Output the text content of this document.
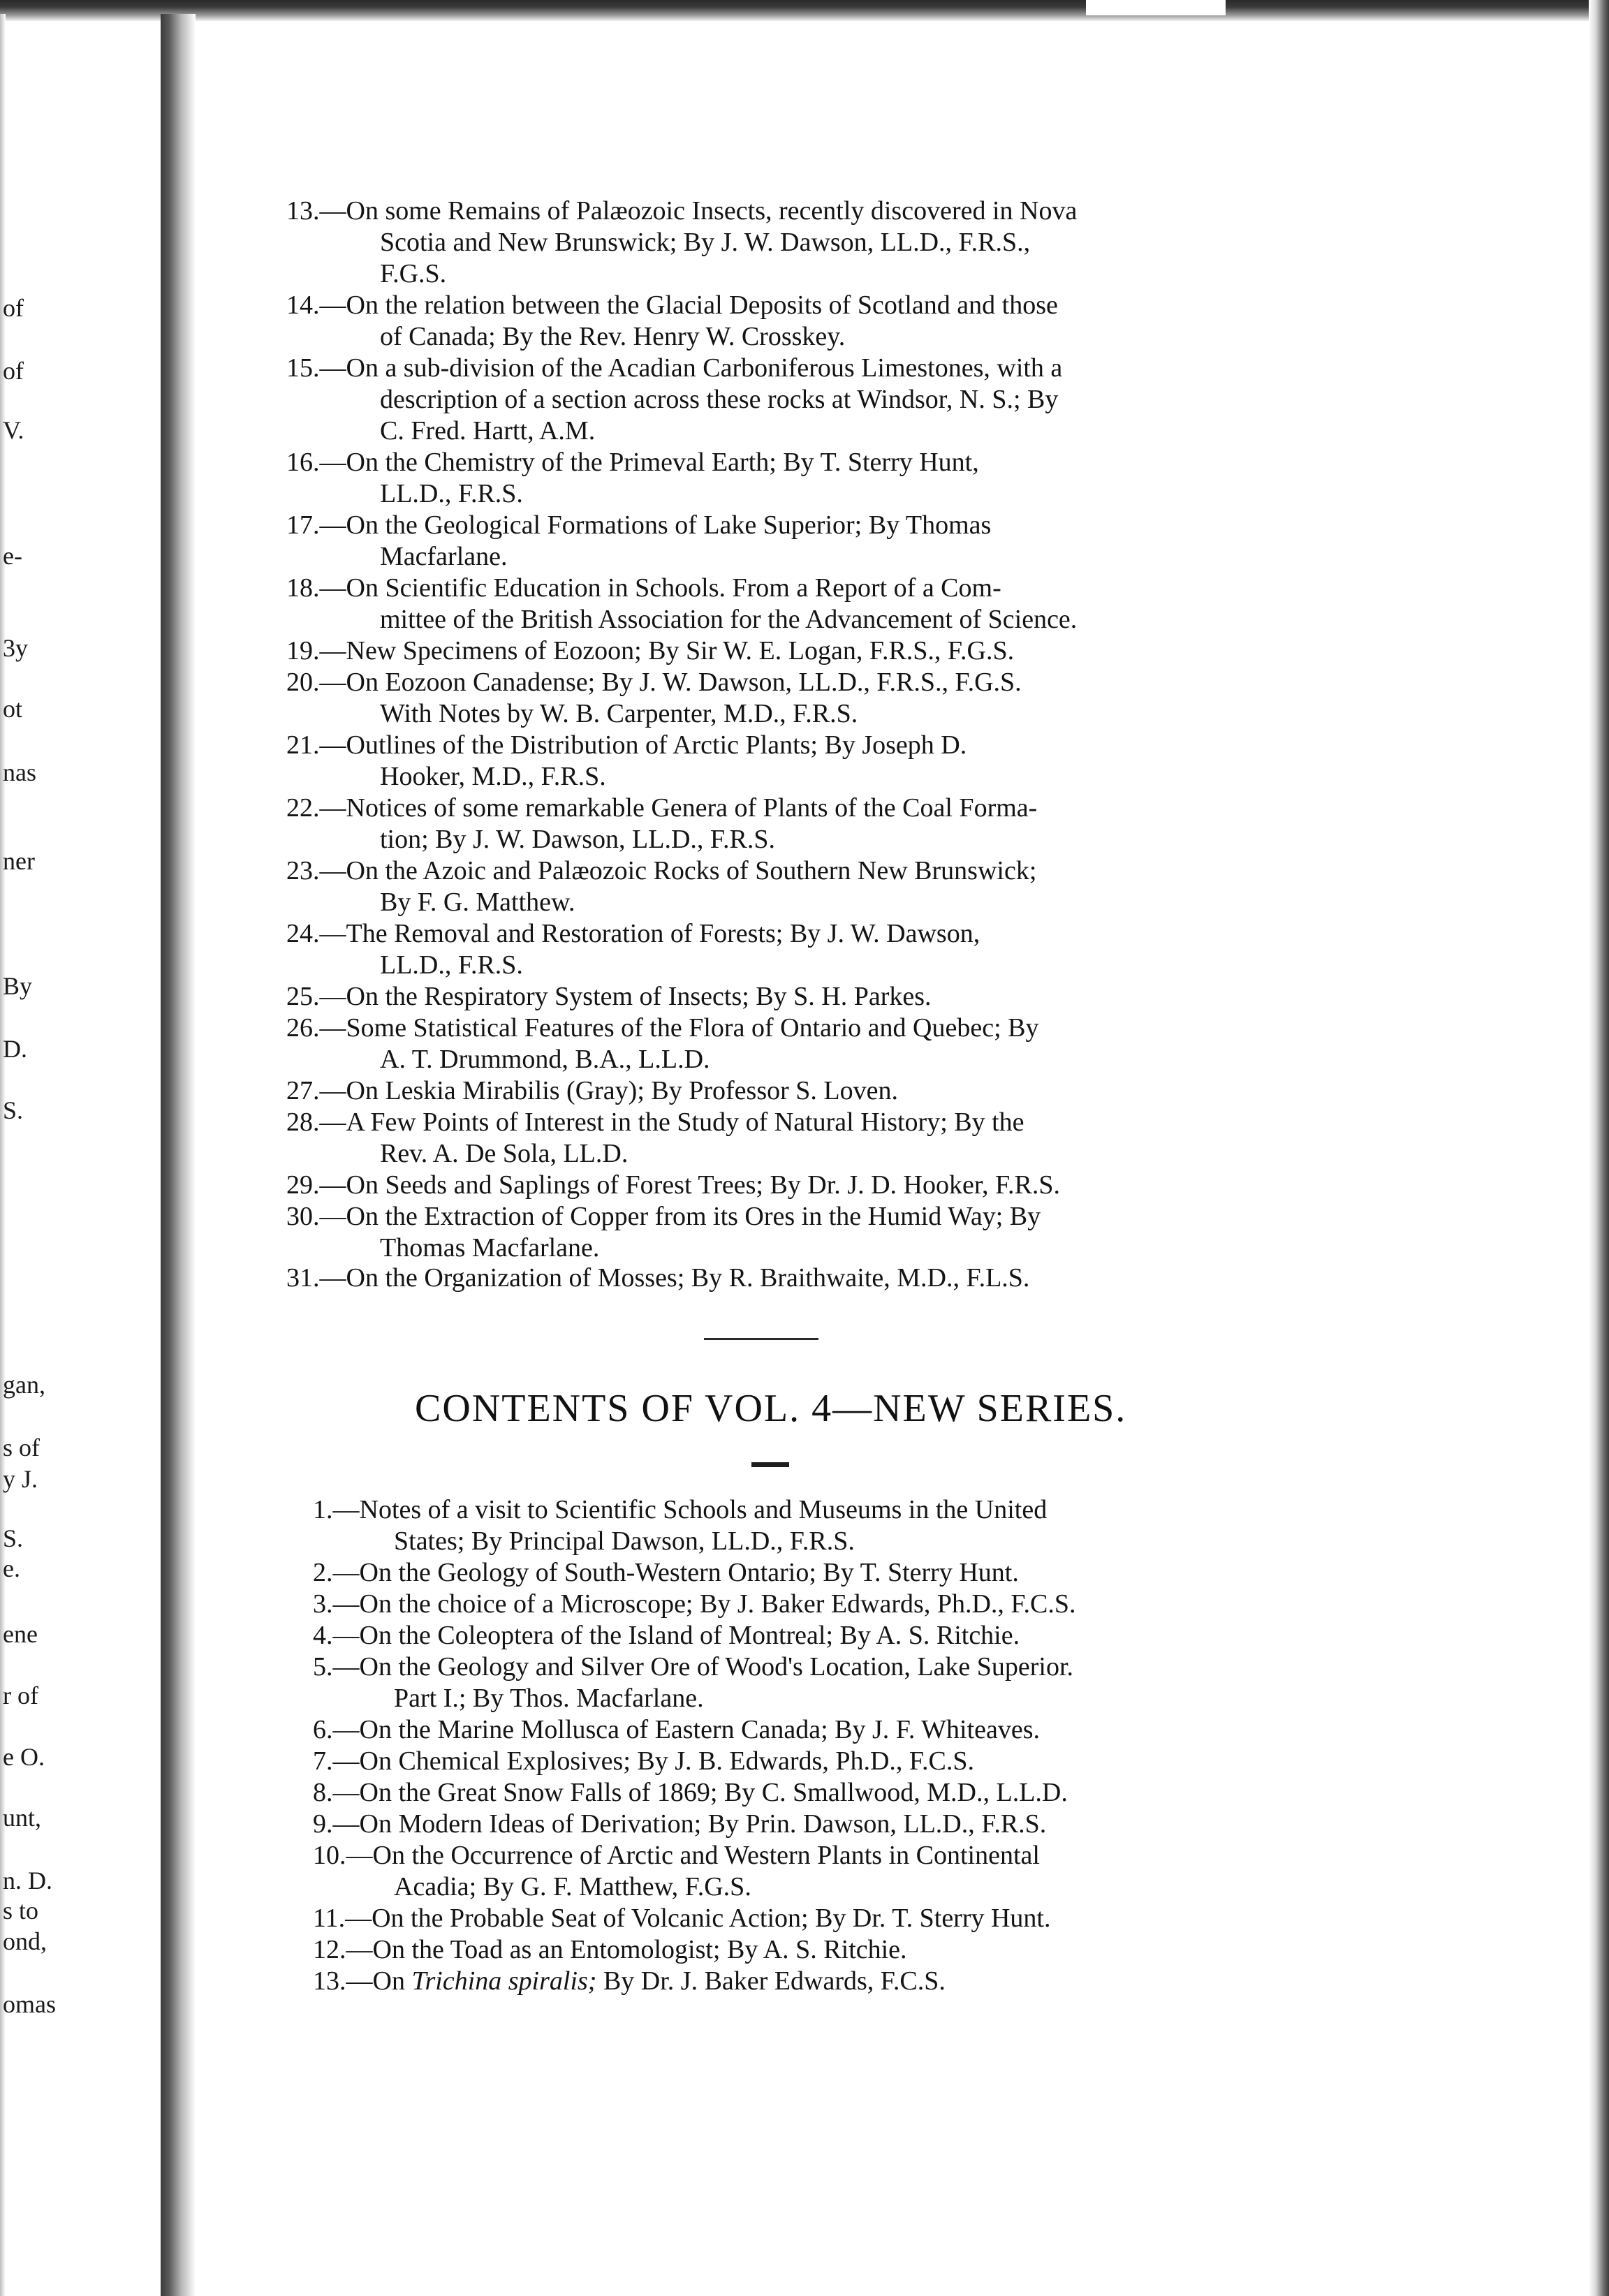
of
of
V.
e-
3y
ot
nas
ner
By
D.
S.
gan,
s of
y J.
S.
e.
ene
r of
e O.
unt,
n. D.
s to
ond,
omas
13.—On some Remains of Palæozoic Insects, recently discovered in Nova
Scotia and New Brunswick; By J. W. Dawson, LL.D., F.R.S.,
F.G.S.
14.—On the relation between the Glacial Deposits of Scotland and those
of Canada; By the Rev. Henry W. Crosskey.
15.—On a sub-division of the Acadian Carboniferous Limestones, with a
description of a section across these rocks at Windsor, N. S.; By
C. Fred. Hartt, A.M.
16.—On the Chemistry of the Primeval Earth; By T. Sterry Hunt,
LL.D., F.R.S.
17.—On the Geological Formations of Lake Superior; By Thomas
Macfarlane.
18.—On Scientific Education in Schools. From a Report of a Com-
mittee of the British Association for the Advancement of Science.
19.—New Specimens of Eozoon; By Sir W. E. Logan, F.R.S., F.G.S.
20.—On Eozoon Canadense; By J. W. Dawson, LL.D., F.R.S., F.G.S.
With Notes by W. B. Carpenter, M.D., F.R.S.
21.—Outlines of the Distribution of Arctic Plants; By Joseph D.
Hooker, M.D., F.R.S.
22.—Notices of some remarkable Genera of Plants of the Coal Forma-
tion; By J. W. Dawson, LL.D., F.R.S.
23.—On the Azoic and Palæozoic Rocks of Southern New Brunswick;
By F. G. Matthew.
24.—The Removal and Restoration of Forests; By J. W. Dawson,
LL.D., F.R.S.
25.—On the Respiratory System of Insects; By S. H. Parkes.
26.—Some Statistical Features of the Flora of Ontario and Quebec; By
A. T. Drummond, B.A., L.L.D.
27.—On Leskia Mirabilis (Gray); By Professor S. Loven.
28.—A Few Points of Interest in the Study of Natural History; By the
Rev. A. De Sola, LL.D.
29.—On Seeds and Saplings of Forest Trees; By Dr. J. D. Hooker, F.R.S.
30.—On the Extraction of Copper from its Ores in the Humid Way; By
Thomas Macfarlane.
31.—On the Organization of Mosses; By R. Braithwaite, M.D., F.L.S.
CONTENTS OF VOL. 4—NEW SERIES.
1.—Notes of a visit to Scientific Schools and Museums in the United
States; By Principal Dawson, LL.D., F.R.S.
2.—On the Geology of South-Western Ontario; By T. Sterry Hunt.
3.—On the choice of a Microscope; By J. Baker Edwards, Ph.D., F.C.S.
4.—On the Coleoptera of the Island of Montreal; By A. S. Ritchie.
5.—On the Geology and Silver Ore of Wood's Location, Lake Superior.
Part I.; By Thos. Macfarlane.
6.—On the Marine Mollusca of Eastern Canada; By J. F. Whiteaves.
7.—On Chemical Explosives; By J. B. Edwards, Ph.D., F.C.S.
8.—On the Great Snow Falls of 1869; By C. Smallwood, M.D., L.L.D.
9.—On Modern Ideas of Derivation; By Prin. Dawson, LL.D., F.R.S.
10.—On the Occurrence of Arctic and Western Plants in Continental
Acadia; By G. F. Matthew, F.G.S.
11.—On the Probable Seat of Volcanic Action; By Dr. T. Sterry Hunt.
12.—On the Toad as an Entomologist; By A. S. Ritchie.
13.—On Trichina spiralis; By Dr. J. Baker Edwards, F.C.S.
